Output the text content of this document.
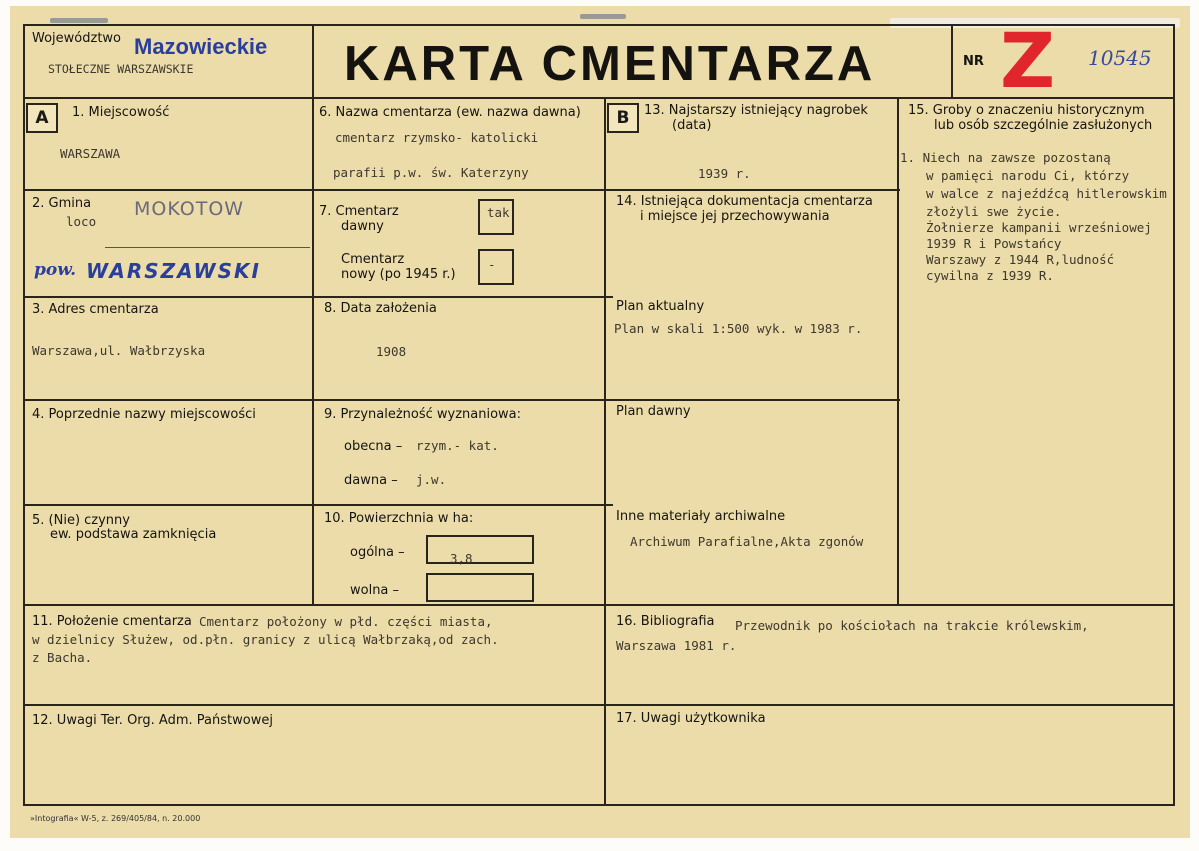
Województwo Mazowieckie
STOŁECZNE WARSZAWSKIE	KARTA CMENTARZA	NR Z 10545
A	B
1. Miejscowość
WARSZAWA
2. Gmina
loco
MOKOTOW
pow. WARSZAWSKI
3. Adres cmentarza
Warszawa,ul. Wałbrzyska
4. Poprzednie nazwy miejscowości
5. (Nie) czynny
ew. podstawa zamknięcia
6. Nazwa cmentarza (ew. nazwa dawna)
cmentarz rzymsko- katolicki
parafii p.w. św. Katerzyny
7. Cmentarz
dawny
tak
Cmentarz
nowy (po 1945 r.)
-
8. Data założenia
1908
9. Przynależność wyznaniowa:
obecna – rzym.- kat.
dawna – j.w.
10. Powierzchnia w ha:
ogólna –	3,8
wolna –
11. Położenie cmentarza Cmentarz położony w płd. części miasta,
w dzielnicy Służew, od.płn. granicy z ulicą Wałbrzaką,od zach.
z Bacha.
12. Uwagi Ter. Org. Adm. Państwowej
13. Najstarszy istniejący nagrobek
(data)
1939 r.
14. Istniejąca dokumentacja cmentarza
i miejsce jej przechowywania
Plan aktualny
Plan w skali 1:500 wyk. w 1983 r.
Plan dawny
Inne materiały archiwalne
Archiwum Parafialne,Akta zgonów
15. Groby o znaczeniu historycznym
lub osób szczególnie zasłużonych
1. Niech na zawsze pozostaną
w pamięci narodu Ci, którzy
w walce z najeźdźcą hitlerowskim
złożyli swe życie.
Żołnierze kampanii wrześniowej
1939 R i Powstańcy
Warszawy z 1944 R,ludność
cywilna z 1939 R.
16. Bibliografia Przewodnik po kościołach na trakcie królewskim,
Warszawa 1981 r.
17. Uwagi użytkownika
»Intografia« W-5, z. 269/405/84, n. 20.000
